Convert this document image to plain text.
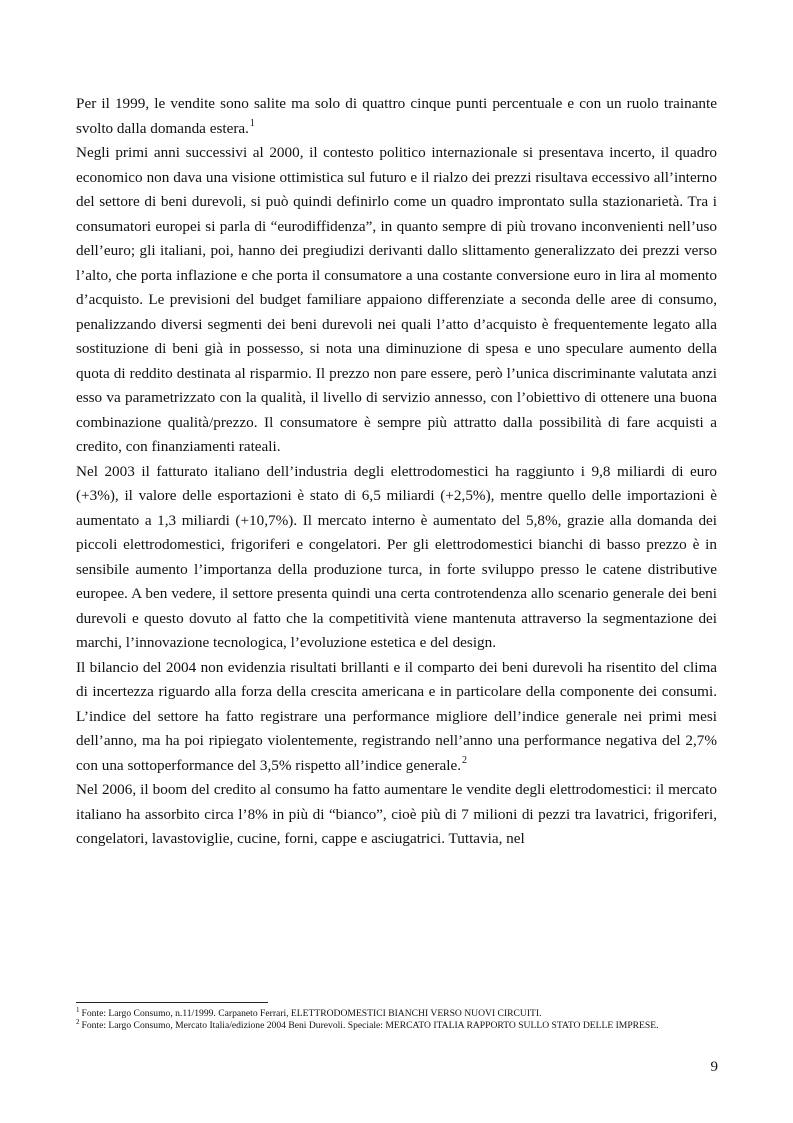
Per il 1999, le vendite sono salite ma solo di quattro cinque punti percentuale e con un ruolo trainante svolto dalla domanda estera.$^1$

Negli primi anni successivi al 2000, il contesto politico internazionale si presentava incerto, il quadro economico non dava una visione ottimistica sul futuro e il rialzo dei prezzi risultava eccessivo all’interno del settore di beni durevoli, si può quindi definirlo come un quadro improntato sulla stazionarietà. Tra i consumatori europei si parla di “eurodiffidenza”, in quanto sempre di più trovano inconvenienti nell’uso dell’euro; gli italiani, poi, hanno dei pregiudizi derivanti dallo slittamento generalizzato dei prezzi verso l’alto, che porta inflazione e che porta il consumatore a una costante conversione euro in lira al momento d’acquisto. Le previsioni del budget familiare appaiono differenziate a seconda delle aree di consumo, penalizzando diversi segmenti dei beni durevoli nei quali l’atto d’acquisto è frequentemente legato alla sostituzione di beni già in possesso, si nota una diminuzione di spesa e uno speculare aumento della quota di reddito destinata al risparmio. Il prezzo non pare essere, però l’unica discriminante valutata anzi esso va parametrizzato con la qualità, il livello di servizio annesso, con l’obiettivo di ottenere una buona combinazione qualità/prezzo. Il consumatore è sempre più attratto dalla possibilità di fare acquisti a credito, con finanziamenti rateali.

Nel 2003 il fatturato italiano dell’industria degli elettrodomestici ha raggiunto i 9,8 miliardi di euro (+3%), il valore delle esportazioni è stato di 6,5 miliardi (+2,5%), mentre quello delle importazioni è aumentato a 1,3 miliardi (+10,7%). Il mercato interno è aumentato del 5,8%, grazie alla domanda dei piccoli elettrodomestici, frigoriferi e congelatori. Per gli elettrodomestici bianchi di basso prezzo è in sensibile aumento l’importanza della produzione turca, in forte sviluppo presso le catene distributive europee. A ben vedere, il settore presenta quindi una certa controtendenza allo scenario generale dei beni durevoli e questo dovuto al fatto che la competitività viene mantenuta attraverso la segmentazione dei marchi, l’innovazione tecnologica, l’evoluzione estetica e del design.

Il bilancio del 2004 non evidenzia risultati brillanti e il comparto dei beni durevoli ha risentito del clima di incertezza riguardo alla forza della crescita americana e in particolare della componente dei consumi. L’indice del settore ha fatto registrare una performance migliore dell’indice generale nei primi mesi dell’anno, ma ha poi ripiegato violentemente, registrando nell’anno una performance negativa del 2,7% con una sottoperformance del 3,5% rispetto all’indice generale.$^2$

Nel 2006, il boom del credito al consumo ha fatto aumentare le vendite degli elettrodomestici: il mercato italiano ha assorbito circa l’8% in più di “bianco”, cioè più di 7 milioni di pezzi tra lavatrici, frigoriferi, congelatori, lavastoviglie, cucine, forni, cappe e asciugatrici. Tuttavia, nel

$^1$ Fonte: Largo Consumo, n.11/1999. Carpaneto Ferrari, ELETTRODOMESTICI BIANCHI VERSO NUOVI CIRCUITI.

$^2$ Fonte: Largo Consumo, Mercato Italia/edizione 2004 Beni Durevoli. Speciale: MERCATO ITALIA RAPPORTO SULLO STATO DELLE IMPRESE.

9
